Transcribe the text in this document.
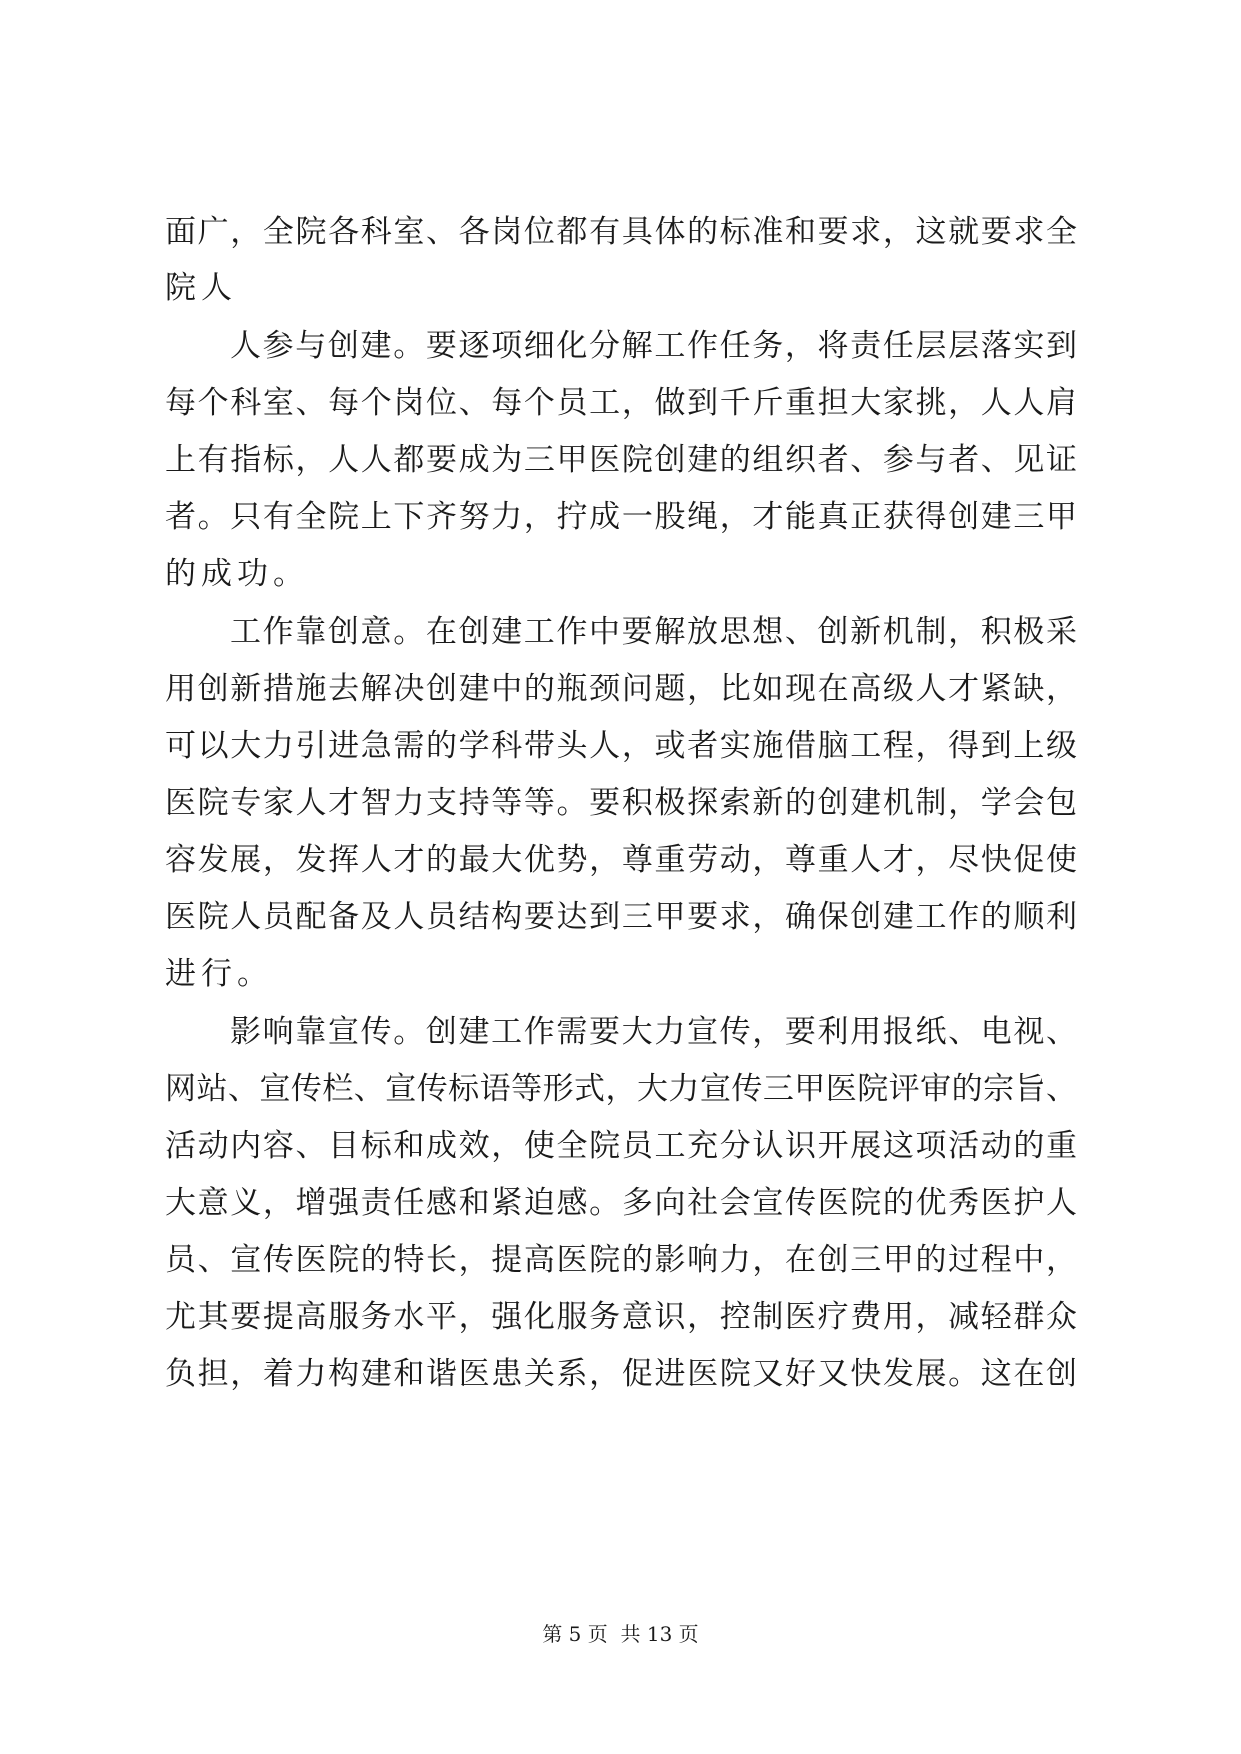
面广，全院各科室、各岗位都有具体的标准和要求，这就要求全
院人
人参与创建。要逐项细化分解工作任务，将责任层层落实到
每个科室、每个岗位、每个员工，做到千斤重担大家挑，人人肩
上有指标，人人都要成为三甲医院创建的组织者、参与者、见证
者。只有全院上下齐努力，拧成一股绳，才能真正获得创建三甲
的成功。
工作靠创意。在创建工作中要解放思想、创新机制，积极采
用创新措施去解决创建中的瓶颈问题，比如现在高级人才紧缺，
可以大力引进急需的学科带头人，或者实施借脑工程，得到上级
医院专家人才智力支持等等。要积极探索新的创建机制，学会包
容发展，发挥人才的最大优势，尊重劳动，尊重人才，尽快促使
医院人员配备及人员结构要达到三甲要求，确保创建工作的顺利
进行。
影响靠宣传。创建工作需要大力宣传，要利用报纸、电视、
网站、宣传栏、宣传标语等形式，大力宣传三甲医院评审的宗旨、
活动内容、目标和成效，使全院员工充分认识开展这项活动的重
大意义，增强责任感和紧迫感。多向社会宣传医院的优秀医护人
员、宣传医院的特长，提高医院的影响力，在创三甲的过程中，
尤其要提高服务水平，强化服务意识，控制医疗费用，减轻群众
负担，着力构建和谐医患关系，促进医院又好又快发展。这在创
第 5 页  共 13 页
